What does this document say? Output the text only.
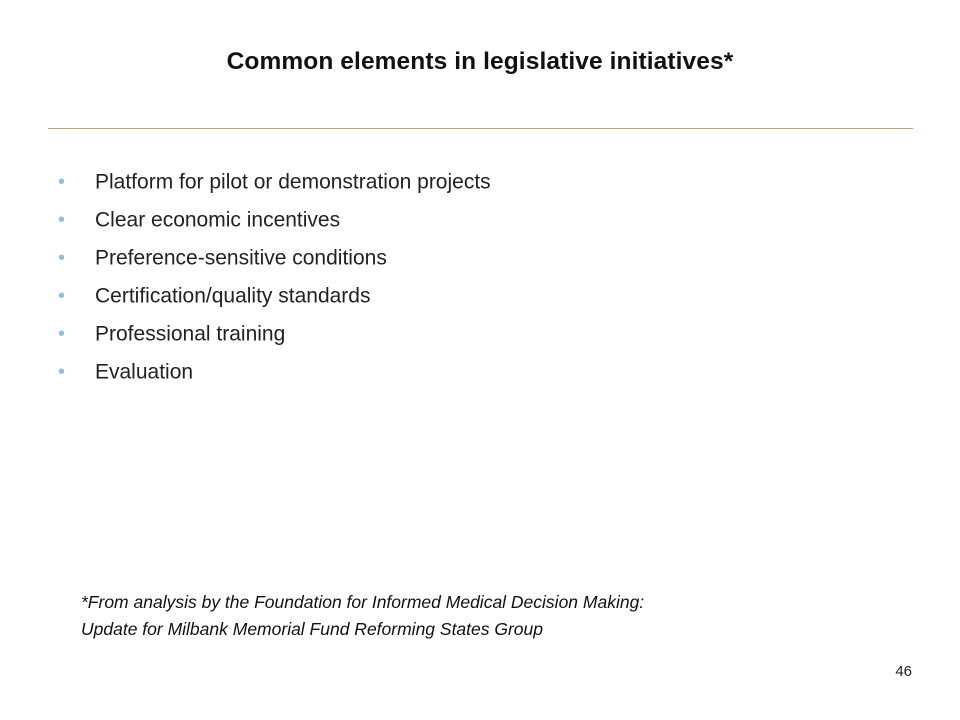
Common elements in legislative initiatives*
• Platform for pilot or demonstration projects
• Clear economic incentives
• Preference-sensitive conditions
• Certification/quality standards
• Professional training
• Evaluation
*From analysis by the Foundation for Informed Medical Decision Making:
Update for Milbank Memorial Fund Reforming States Group
46
